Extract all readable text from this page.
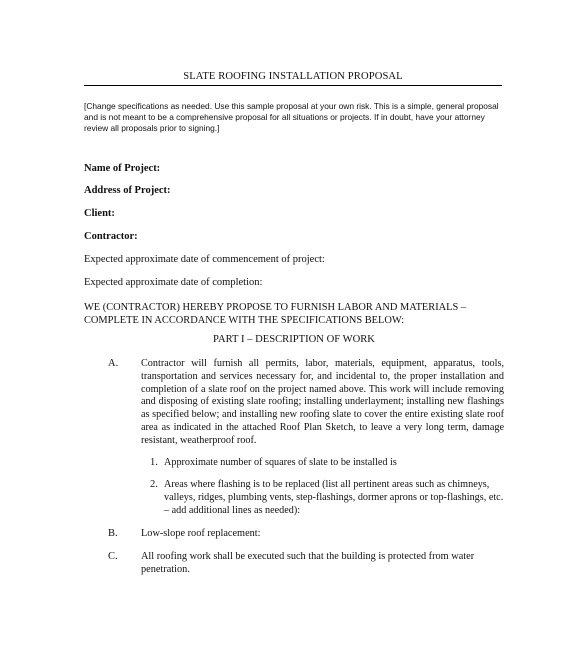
SLATE ROOFING INSTALLATION PROPOSAL
[Change specifications as needed. Use this sample proposal at your own risk. This is a simple, general proposal and is not meant to be a comprehensive proposal for all situations or projects. If in doubt, have your attorney review all proposals prior to signing.]
Name of Project:
Address of Project:
Client:
Contractor:
Expected approximate date of commencement of project:
Expected approximate date of completion:
WE (CONTRACTOR) HEREBY PROPOSE TO FURNISH LABOR AND MATERIALS – COMPLETE IN ACCORDANCE WITH THE SPECIFICATIONS BELOW:
PART I – DESCRIPTION OF WORK
A. Contractor will furnish all permits, labor, materials, equipment, apparatus, tools, transportation and services necessary for, and incidental to, the proper installation and completion of a slate roof on the project named above. This work will include removing and disposing of existing slate roofing; installing underlayment; installing new flashings as specified below; and installing new roofing slate to cover the entire existing slate roof area as indicated in the attached Roof Plan Sketch, to leave a very long term, damage resistant, weatherproof roof.
1. Approximate number of squares of slate to be installed is
2. Areas where flashing is to be replaced (list all pertinent areas such as chimneys, valleys, ridges, plumbing vents, step-flashings, dormer aprons or top-flashings, etc. – add additional lines as needed):
B. Low-slope roof replacement:
C. All roofing work shall be executed such that the building is protected from water penetration.
